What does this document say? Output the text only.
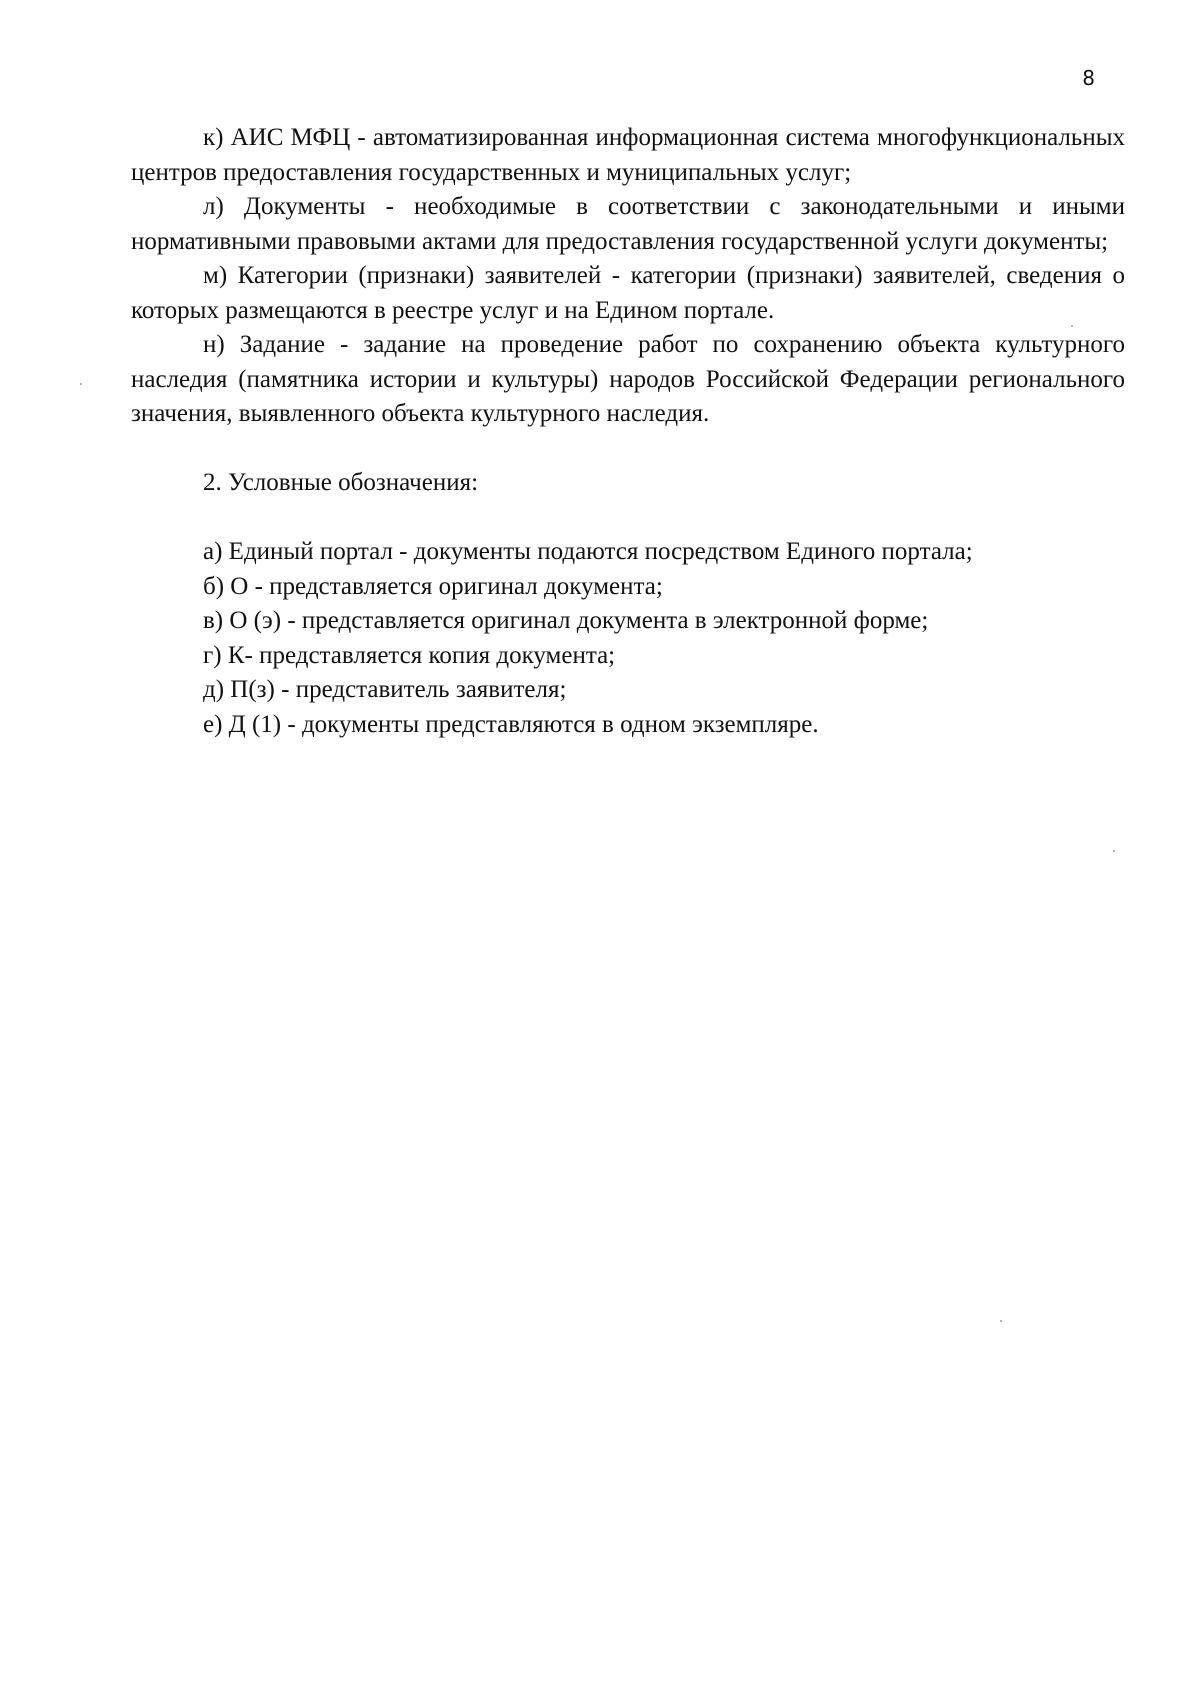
8

к) АИС МФЦ - автоматизированная информационная система многофункциональных центров предоставления государственных и муниципальных услуг;

л) Документы - необходимые в соответствии с законодательными и иными нормативными правовыми актами для предоставления государственной услуги документы;

м) Категории (признаки) заявителей - категории (признаки) заявителей, сведения о которых размещаются в реестре услуг и на Едином портале.

н) Задание - задание на проведение работ по сохранению объекта культурного наследия (памятника истории и культуры) народов Российской Федерации регионального значения, выявленного объекта культурного наследия.

2. Условные обозначения:

а) Единый портал - документы подаются посредством Единого портала;
б) О - представляется оригинал документа;
в) О (э) - представляется оригинал документа в электронной форме;
г) К- представляется копия документа;
д) П(з) - представитель заявителя;
е) Д (1) - документы представляются в одном экземпляре.
